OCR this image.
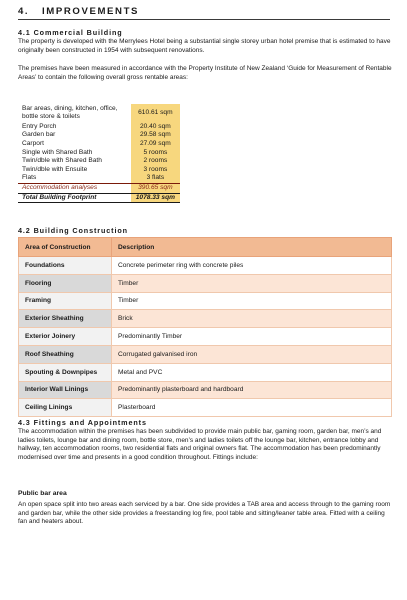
4. IMPROVEMENTS
4.1 Commercial Building
The property is developed with the Merrylees Hotel being a substantial single storey urban hotel premise that is estimated to have originally been constructed in 1954 with subsequent renovations.
The premises have been measured in accordance with the Property Institute of New Zealand ‘Guide for Measurement of Rentable Areas’ to contain the following overall gross rentable areas:
Bar areas, dining, kitchen, office, bottle store & toilets	610.61 sqm
Entry Porch	20.40 sqm
Garden bar	29.58 sqm
Carport	27.09 sqm
Single with Shared Bath	5 rooms
Twin/dble with Shared Bath	2 rooms
Twin/dble with Ensuite	3 rooms
Flats	3 flats
Accommodation analyses	390.65 sqm
Total Building Footprint	1078.33 sqm
4.2 Building Construction
Area of Construction	Description
Foundations	Concrete perimeter ring with concrete piles
Flooring	Timber
Framing	Timber
Exterior Sheathing	Brick
Exterior Joinery	Predominantly Timber
Roof Sheathing	Corrugated galvanised iron
Spouting & Downpipes	Metal and PVC
Interior Wall Linings	Predominantly plasterboard and hardboard
Ceiling Linings	Plasterboard
4.3 Fittings and Appointments
The accommodation within the premises has been subdivided to provide main public bar, gaming room, garden bar, men’s and ladies toilets, lounge bar and dining room, bottle store, men’s and ladies toilets off the lounge bar, kitchen, entrance lobby and hallway, ten accommodation rooms, two residential flats and original owners flat. The accommodation has been predominantly modernised over time and presents in a good condition throughout. Fittings include:
Public bar area
An open space split into two areas each serviced by a bar. One side provides a TAB area and access through to the gaming room and garden bar, while the other side provides a freestanding log fire, pool table and sitting/leaner table area. Fitted with a ceiling fan and heaters about.
